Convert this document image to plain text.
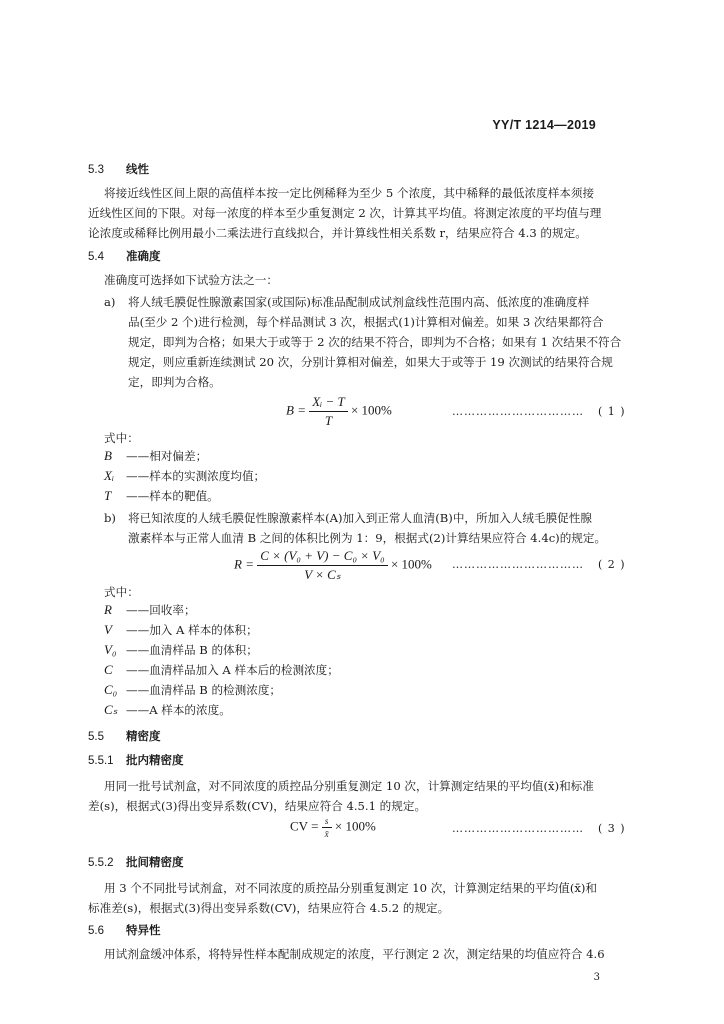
YY/T 1214—2019
5.3 线性
将接近线性区间上限的高值样本按一定比例稀释为至少 5 个浓度，其中稀释的最低浓度样本须接
近线性区间的下限。对每一浓度的样本至少重复测定 2 次，计算其平均值。将测定浓度的平均值与理
论浓度或稀释比例用最小二乘法进行直线拟合，并计算线性相关系数 r，结果应符合 4.3 的规定。
5.4 准确度
准确度可选择如下试验方法之一：
a) 将人绒毛膜促性腺激素国家(或国际)标准品配制成试剂盒线性范围内高、低浓度的准确度样
品(至少 2 个)进行检测，每个样品测试 3 次，根据式(1)计算相对偏差。如果 3 次结果都符合
规定，即判为合格；如果大于或等于 2 次的结果不符合，即判为不合格；如果有 1 次结果不符合
规定，则应重新连续测试 20 次，分别计算相对偏差，如果大于或等于 19 次测试的结果符合规
定，即判为合格。
$B = \frac{\text{Xᵢ − T}}{T} \times 100\%$	…………………………… ( 1 )
式中：
B ——相对偏差；
Xᵢ ——样本的实测浓度均值；
T ——样本的靶值。
b) 将已知浓度的人绒毛膜促性腺激素样本(A)加入到正常人血清(B)中，所加入人绒毛膜促性腺
激素样本与正常人血清 B 之间的体积比例为 1：9，根据式(2)计算结果应符合 4.4c)的规定。
$R = \frac{\text{C × (V₀ + V) − C₀ × V₀}}{\text{V × Cₛ}} \times 100\%$ …………………………… ( 2 )
式中：
R ——回收率；
V ——加入 A 样本的体积；
V₀ ——血清样品 B 的体积；
C ——血清样品加入 A 样本后的检测浓度；
C₀ ——血清样品 B 的检测浓度；
Cₛ ——A 样本的浓度。
5.5 精密度
5.5.1 批内精密度
用同一批号试剂盒，对不同浓度的质控品分别重复测定 10 次，计算测定结果的平均值(x̄)和标准
差(s)，根据式(3)得出变异系数(CV)，结果应符合 4.5.1 的规定。
CV = $\frac{s}{x̄} \times 100\%$	…………………………… ( 3 )
5.5.2 批间精密度
用 3 个不同批号试剂盒，对不同浓度的质控品分别重复测定 10 次，计算测定结果的平均值(x̄)和
标准差(s)，根据式(3)得出变异系数(CV)，结果应符合 4.5.2 的规定。
5.6 特异性
用试剂盒缓冲体系，将特异性样本配制成规定的浓度，平行测定 2 次，测定结果的均值应符合 4.6
3
